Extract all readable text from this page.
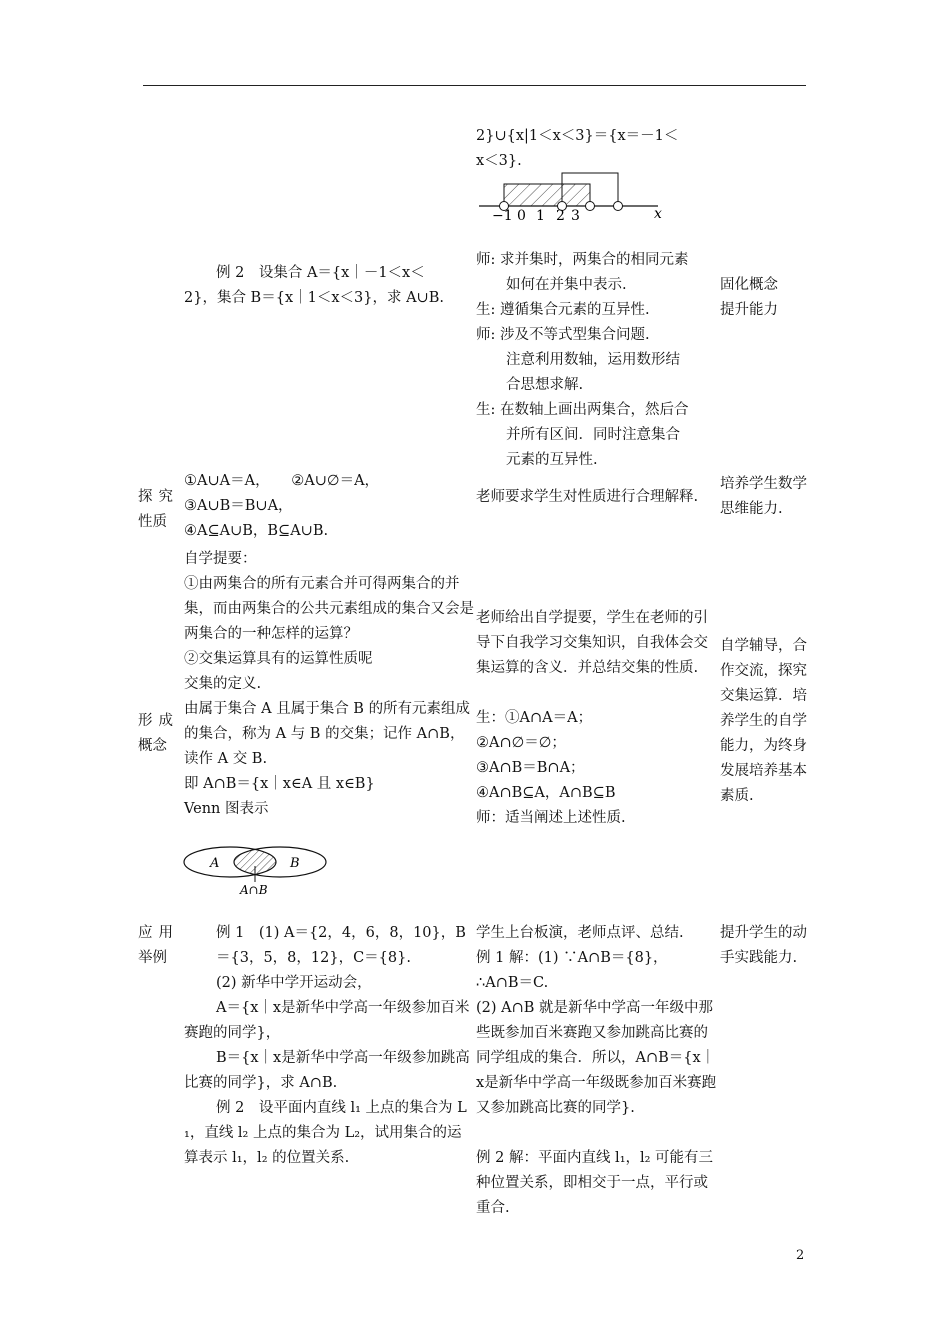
2}∪{x|1＜x＜3}＝{x＝－1＜
x＜3}.
−1 0 1 2 3	x
例 2　设集合 A＝{x｜－1＜x＜
2}，集合 B＝{x｜1＜x＜3}，求 A∪B.
师: 求并集时，两集合的相同元素
如何在并集中表示.
生: 遵循集合元素的互异性.
师: 涉及不等式型集合问题.
注意利用数轴，运用数形结
合思想求解.
生: 在数轴上画出两集合，然后合
并所有区间．同时注意集合
元素的互异性.
固化概念
提升能力
探究
性质
①A∪A＝A，　　②A∪∅＝A，
③A∪B＝B∪A，
④A⊆A∪B，B⊆A∪B.
老师要求学生对性质进行合理解释.
培养学生数学思维能力.
形成
概念
自学提要：
①由两集合的所有元素合并可得两集合的并集，而由两集合的公共元素组成的集合又会是两集合的一种怎样的运算？
②交集运算具有的运算性质呢
交集的定义.
由属于集合 A 且属于集合 B 的所有元素组成的集合，称为 A 与 B 的交集；记作 A∩B，读作 A 交 B.
即 A∩B＝{x｜x∈A 且 x∈B}
Venn 图表示
A	B
A∩B
老师给出自学提要，学生在老师的引导下自我学习交集知识，自我体会交集运算的含义．并总结交集的性质.
生：①A∩A＝A；
②A∩∅＝∅；
③A∩B＝B∩A；
④A∩B⊆A，A∩B⊆B
师：适当阐述上述性质.
自学辅导，合作交流，探究交集运算．培养学生的自学能力，为终身发展培养基本素质.
应用
举例
例 1　(1) A＝{2，4，6，8，10}，B＝{3，5，8，12}，C＝{8}.
(2) 新华中学开运动会，
A＝{x｜x是新华中学高一年级参加百米赛跑的同学}，
B＝{x｜x是新华中学高一年级参加跳高比赛的同学}，求 A∩B.
例 2　设平面内直线 l₁ 上点的集合为 L₁，直线 l₂ 上点的集合为 L₂，试用集合的运算表示 l₁，l₂ 的位置关系.
学生上台板演，老师点评、总结.
例 1 解：(1) ∵A∩B＝{8}，
∴A∩B＝C.
(2) A∩B 就是新华中学高一年级中那些既参加百米赛跑又参加跳高比赛的同学组成的集合．所以，A∩B＝{x｜x是新华中学高一年级既参加百米赛跑又参加跳高比赛的同学}.
例 2 解：平面内直线 l₁，l₂ 可能有三种位置关系，即相交于一点，平行或重合.
提升学生的动手实践能力.
2
